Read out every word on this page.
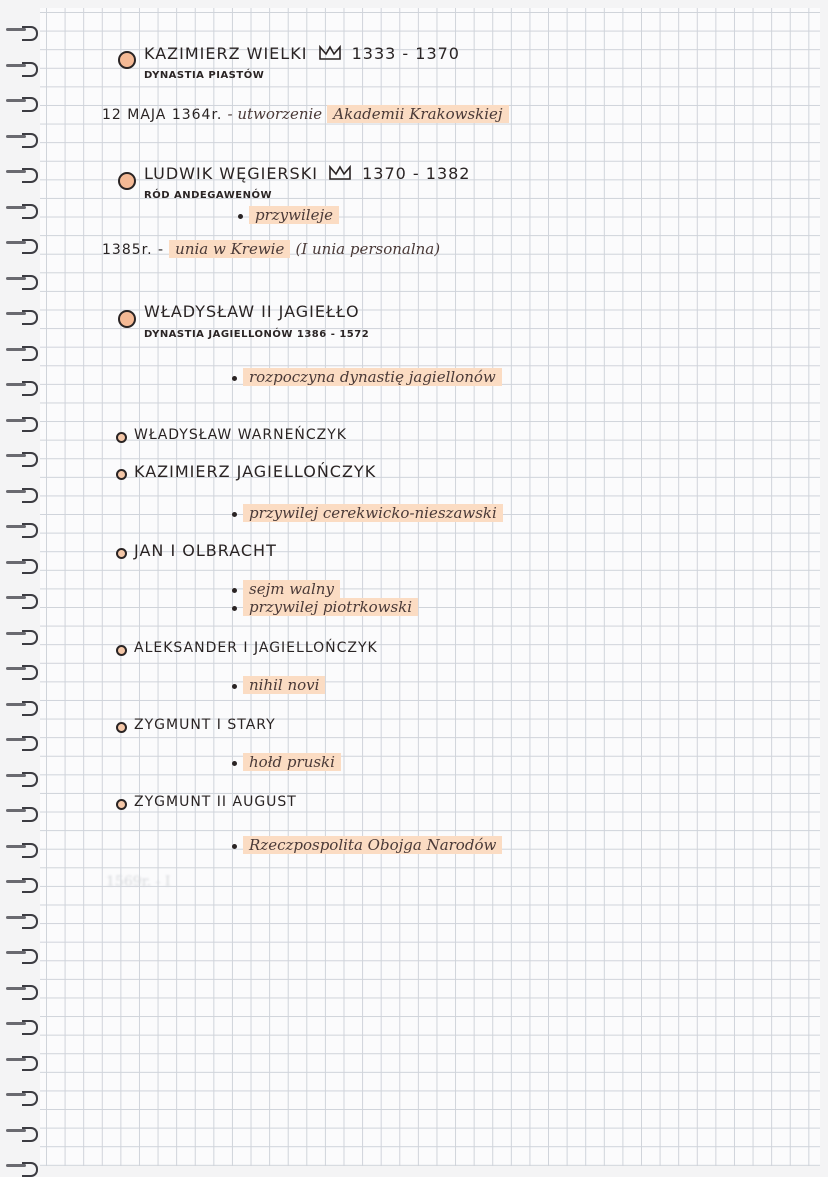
KAZIMIERZ WIELKI	1333 - 1370
DYNASTIA PIASTÓW
12 MAJA 1364r. - utworzenie Akademii Krakowskiej
LUDWIK WĘGIERSKI	1370 - 1382
RÓD ANDEGAWENÓW
przywileje
1385r. - unia w Krewie (I unia personalna)
WŁADYSŁAW II JAGIEŁŁO
DYNASTIA JAGIELLONÓW 1386 - 1572
rozpoczyna dynastię jagiellonów
WŁADYSŁAW WARNEŃCZYK
KAZIMIERZ JAGIELLOŃCZYK
przywilej cerekwicko-nieszawski
JAN I OLBRACHT
sejm walny
przywilej piotrkowski
ALEKSANDER I JAGIELLOŃCZYK
nihil novi
ZYGMUNT I STARY
hołd pruski
ZYGMUNT II AUGUST
Rzeczpospolita Obojga Narodów
1569r. - I
